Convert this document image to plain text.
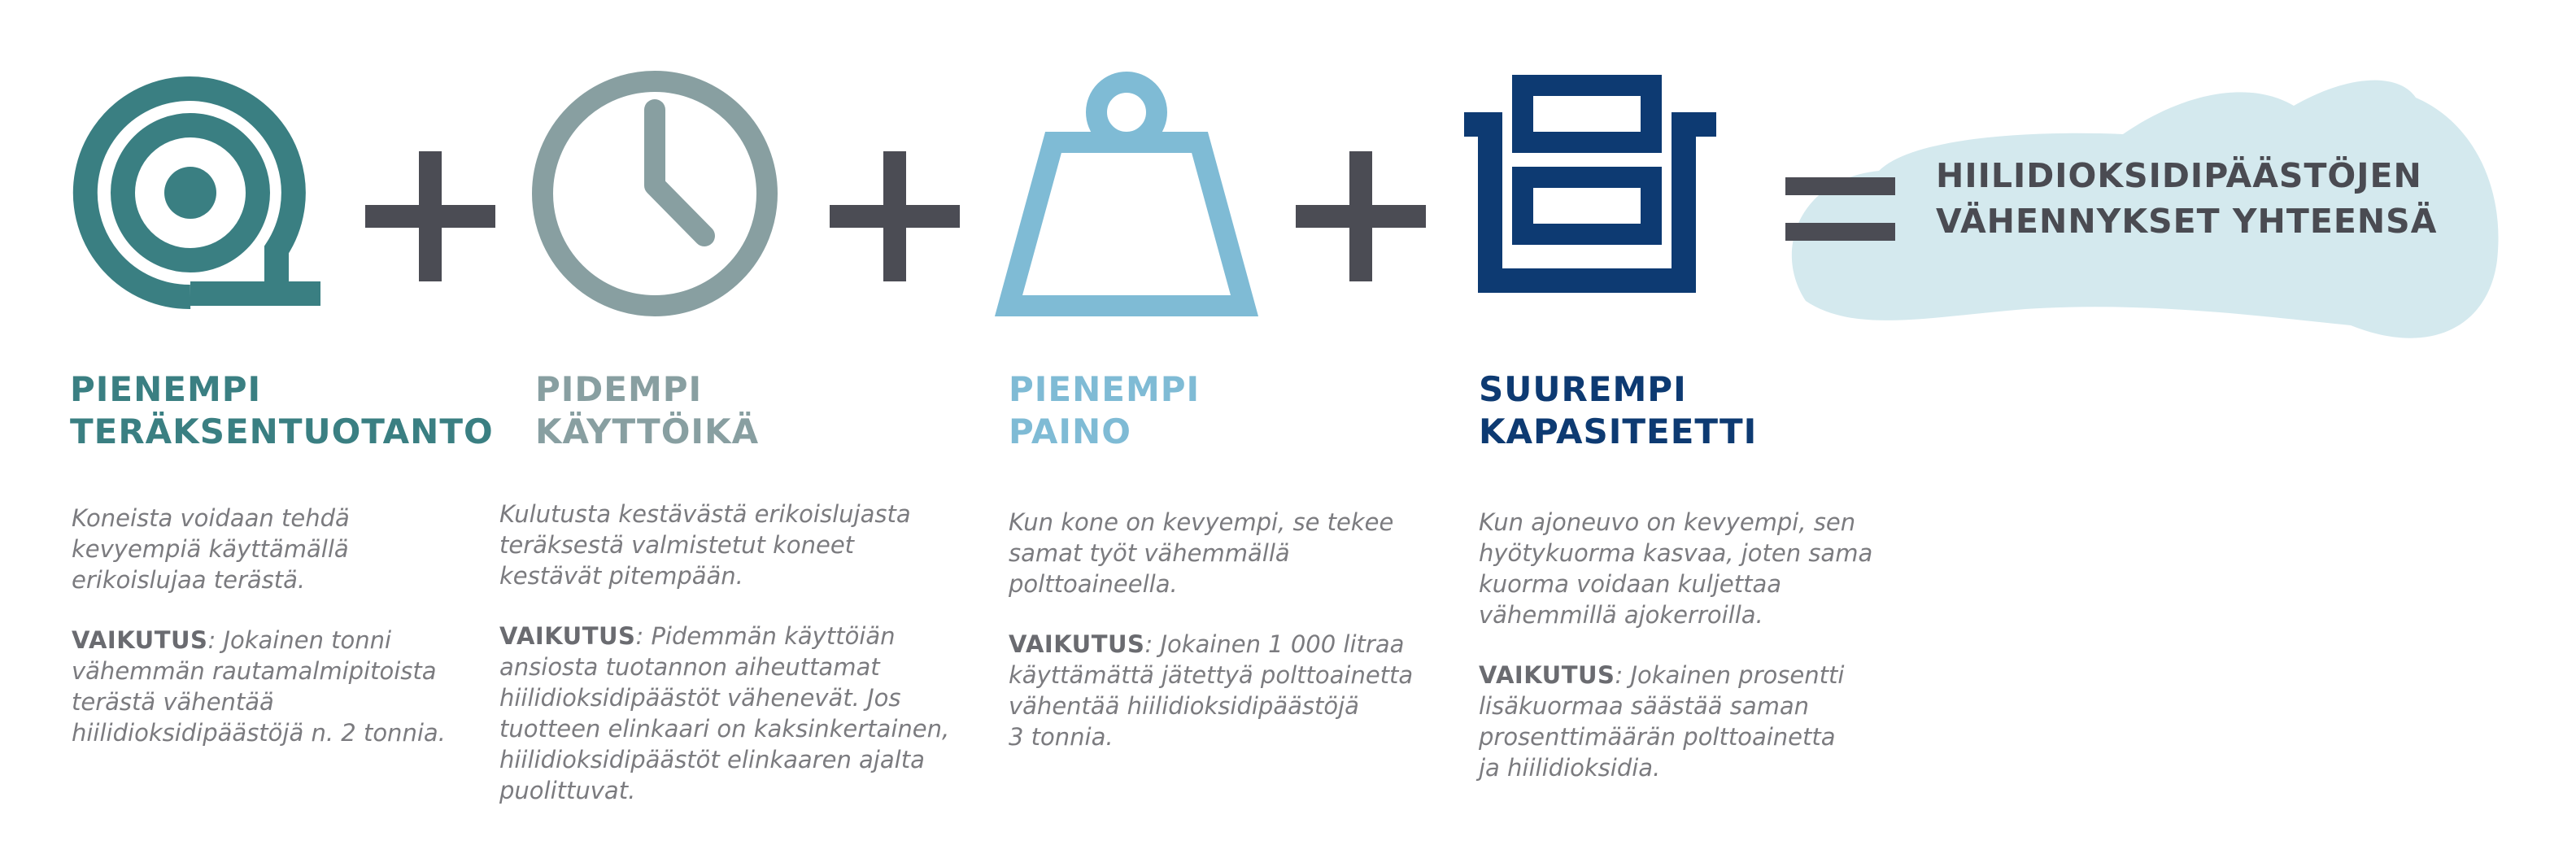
HIILIDIOKSIDIPÄÄSTÖJEN
VÄHENNYKSET YHTEENSÄ
PIENEMPI
TERÄKSENTUOTANTO
PIDEMPI
KÄYTTÖIKÄ
PIENEMPI
PAINO
SUUREMPI
KAPASITEETTI
Koneista voidaan tehdä
kevyempiä käyttämällä
erikoislujaa terästä.
VAIKUTUS: Jokainen tonni
vähemmän rautamalmipitoista
terästä vähentää
hiilidioksidipäästöjä n. 2 tonnia.
Kulutusta kestävästä erikoislujasta
teräksestä valmistetut koneet
kestävät pitempään.
VAIKUTUS: Pidemmän käyttöiän
ansiosta tuotannon aiheuttamat
hiilidioksidipäästöt vähenevät. Jos
tuotteen elinkaari on kaksinkertainen,
hiilidioksidipäästöt elinkaaren ajalta
puolittuvat.
Kun kone on kevyempi, se tekee
samat työt vähemmällä
polttoaineella.
VAIKUTUS: Jokainen 1 000 litraa
käyttämättä jätettyä polttoainetta
vähentää hiilidioksidipäästöjä
3 tonnia.
Kun ajoneuvo on kevyempi, sen
hyötykuorma kasvaa, joten sama
kuorma voidaan kuljettaa
vähemmillä ajokerroilla.
VAIKUTUS: Jokainen prosentti
lisäkuormaa säästää saman
prosenttimäärän polttoainetta
ja hiilidioksidia.
